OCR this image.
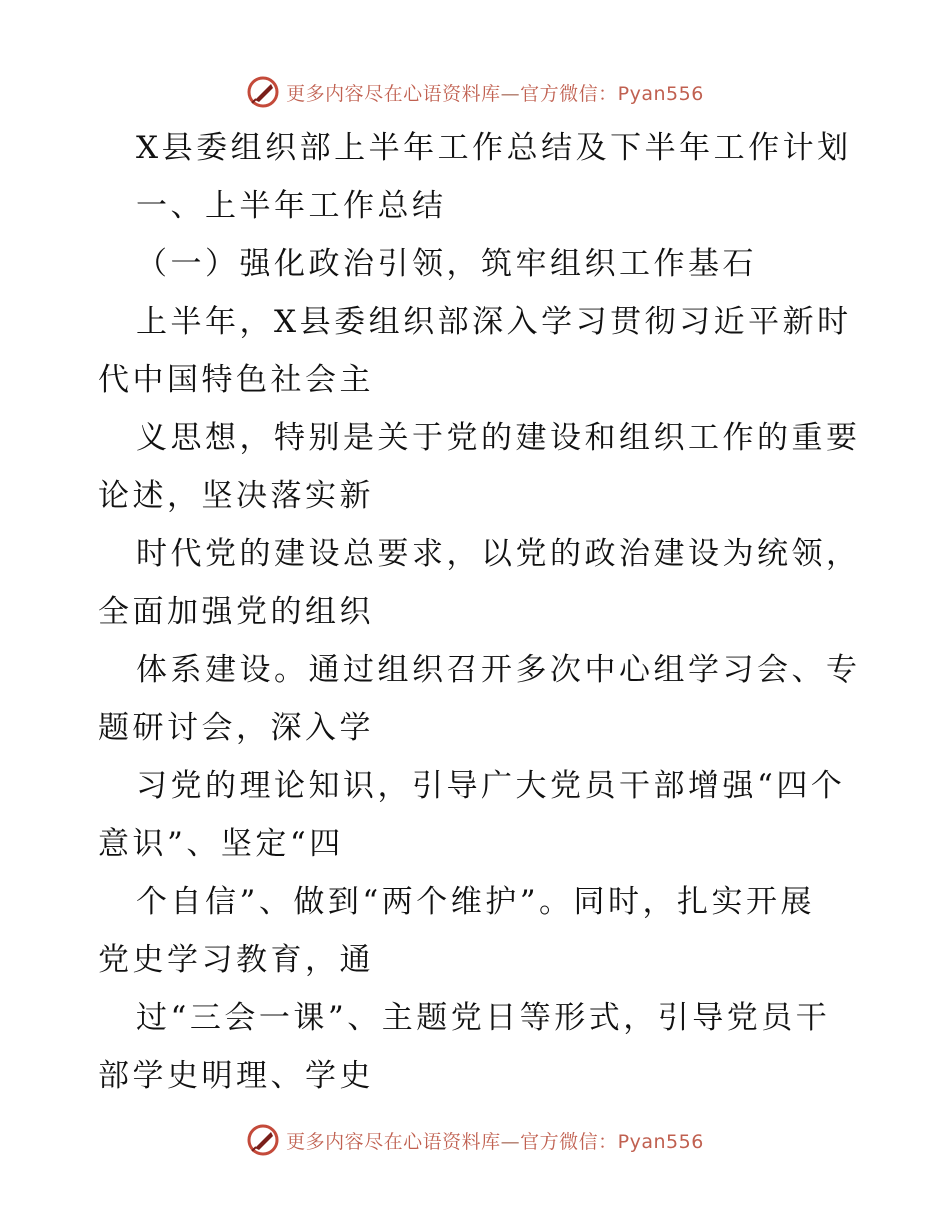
更多内容尽在心语资料库—官方微信：Pyan556
X县委组织部上半年工作总结及下半年工作计划
一、上半年工作总结
（一）强化政治引领，筑牢组织工作基石
上半年，X县委组织部深入学习贯彻习近平新时
代中国特色社会主
义思想，特别是关于党的建设和组织工作的重要
论述，坚决落实新
时代党的建设总要求，以党的政治建设为统领，
全面加强党的组织
体系建设。通过组织召开多次中心组学习会、专
题研讨会，深入学
习党的理论知识，引导广大党员干部增强“四个
意识”、坚定“四
个自信”、做到“两个维护”。同时，扎实开展
党史学习教育，通
过“三会一课”、主题党日等形式，引导党员干
部学史明理、学史
更多内容尽在心语资料库—官方微信：Pyan556
